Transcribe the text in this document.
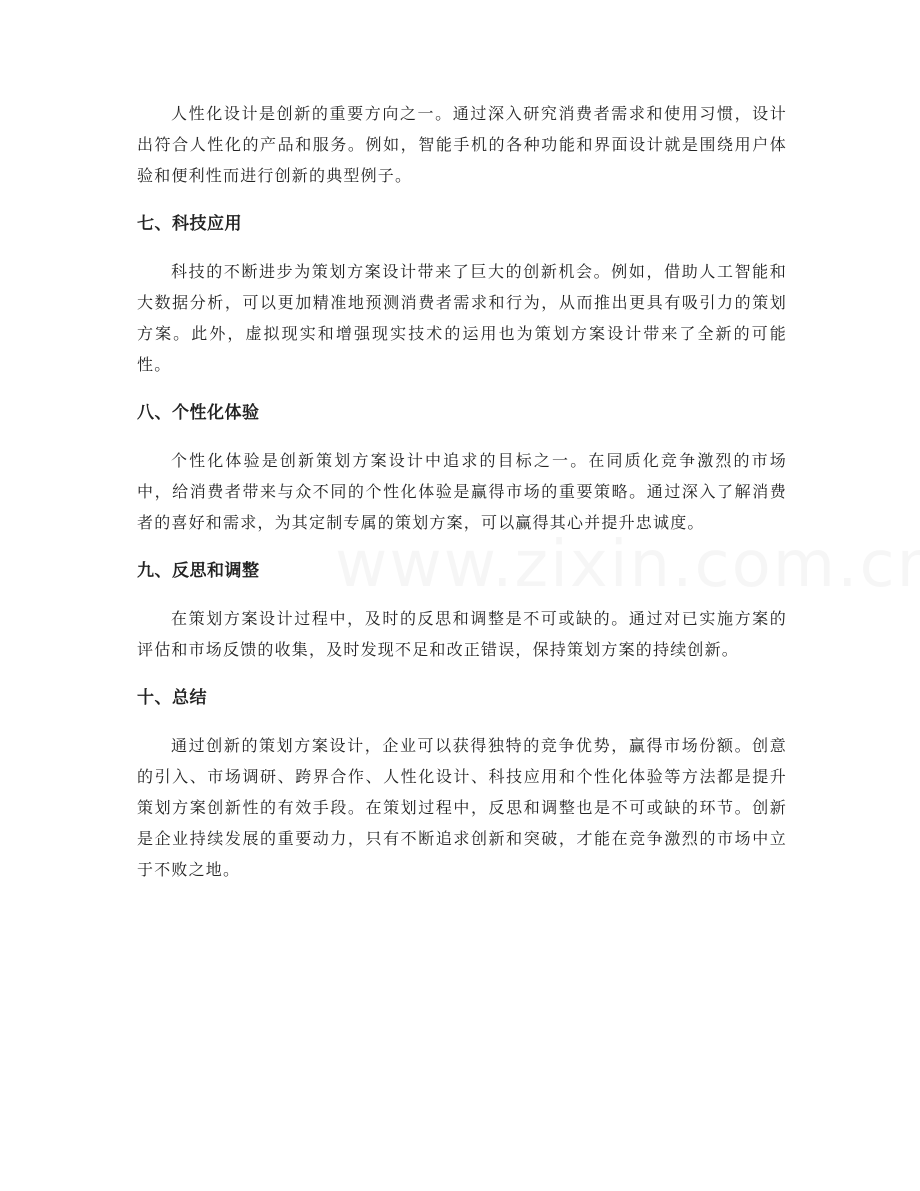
人性化设计是创新的重要方向之一。通过深入研究消费者需求和使用习惯，设计出符合人性化的产品和服务。例如，智能手机的各种功能和界面设计就是围绕用户体验和便利性而进行创新的典型例子。

七、科技应用

科技的不断进步为策划方案设计带来了巨大的创新机会。例如，借助人工智能和大数据分析，可以更加精准地预测消费者需求和行为，从而推出更具有吸引力的策划方案。此外，虚拟现实和增强现实技术的运用也为策划方案设计带来了全新的可能性。

八、个性化体验

个性化体验是创新策划方案设计中追求的目标之一。在同质化竞争激烈的市场中，给消费者带来与众不同的个性化体验是赢得市场的重要策略。通过深入了解消费者的喜好和需求，为其定制专属的策划方案，可以赢得其心并提升忠诚度。

九、反思和调整

在策划方案设计过程中，及时的反思和调整是不可或缺的。通过对已实施方案的评估和市场反馈的收集，及时发现不足和改正错误，保持策划方案的持续创新。

十、总结

通过创新的策划方案设计，企业可以获得独特的竞争优势，赢得市场份额。创意的引入、市场调研、跨界合作、人性化设计、科技应用和个性化体验等方法都是提升策划方案创新性的有效手段。在策划过程中，反思和调整也是不可或缺的环节。创新是企业持续发展的重要动力，只有不断追求创新和突破，才能在竞争激烈的市场中立于不败之地。
